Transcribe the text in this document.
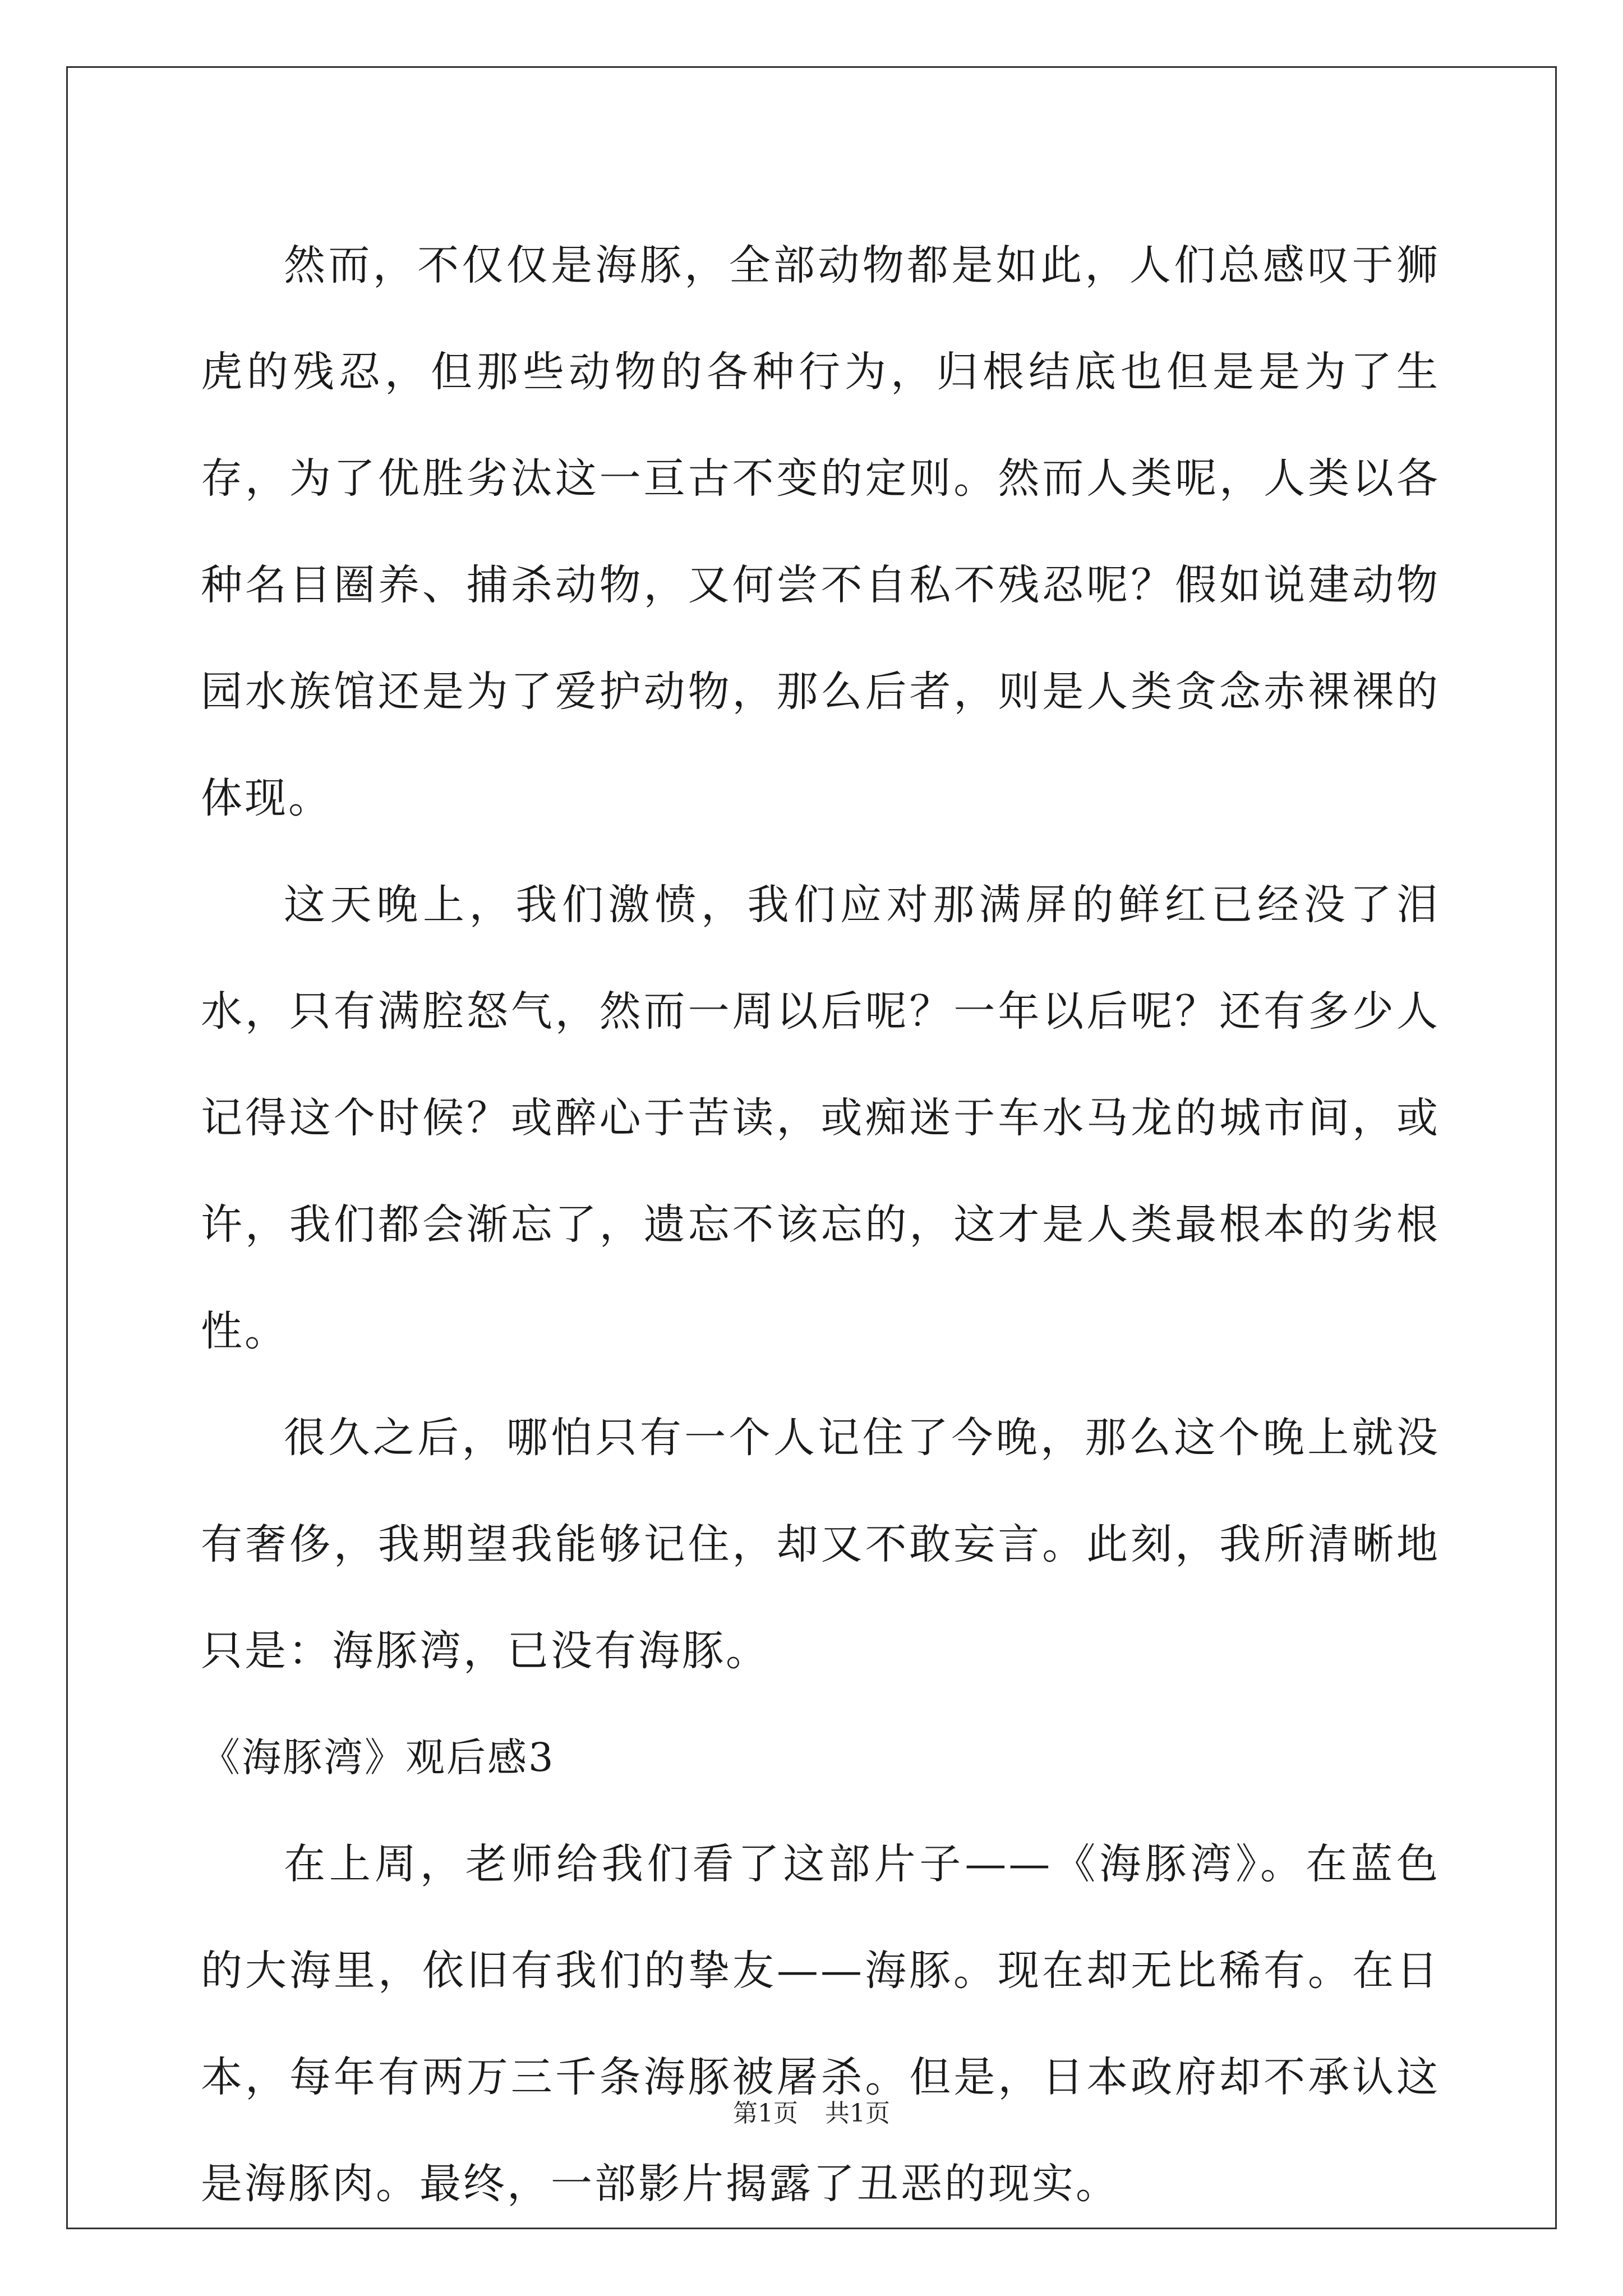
然而，不仅仅是海豚，全部动物都是如此，人们总感叹于狮虎的残忍，但那些动物的各种行为，归根结底也但是是为了生存，为了优胜劣汰这一亘古不变的定则。然而人类呢，人类以各种名目圈养、捕杀动物，又何尝不自私不残忍呢？假如说建动物园水族馆还是为了爱护动物，那么后者，则是人类贪念赤裸裸的体现。

这天晚上，我们激愤，我们应对那满屏的鲜红已经没了泪水，只有满腔怒气，然而一周以后呢？一年以后呢？还有多少人记得这个时候？或醉心于苦读，或痴迷于车水马龙的城市间，或许，我们都会渐忘了，遗忘不该忘的，这才是人类最根本的劣根性。

很久之后，哪怕只有一个人记住了今晚，那么这个晚上就没有奢侈，我期望我能够记住，却又不敢妄言。此刻，我所清晰地只是：海豚湾，已没有海豚。

《海豚湾》观后感3

在上周，老师给我们看了这部片子——《海豚湾》。在蓝色的大海里，依旧有我们的挚友——海豚。现在却无比稀有。在日本，每年有两万三千条海豚被屠杀。但是，日本政府却不承认这是海豚肉。最终，一部影片揭露了丑恶的现实。

第1页 共1页
